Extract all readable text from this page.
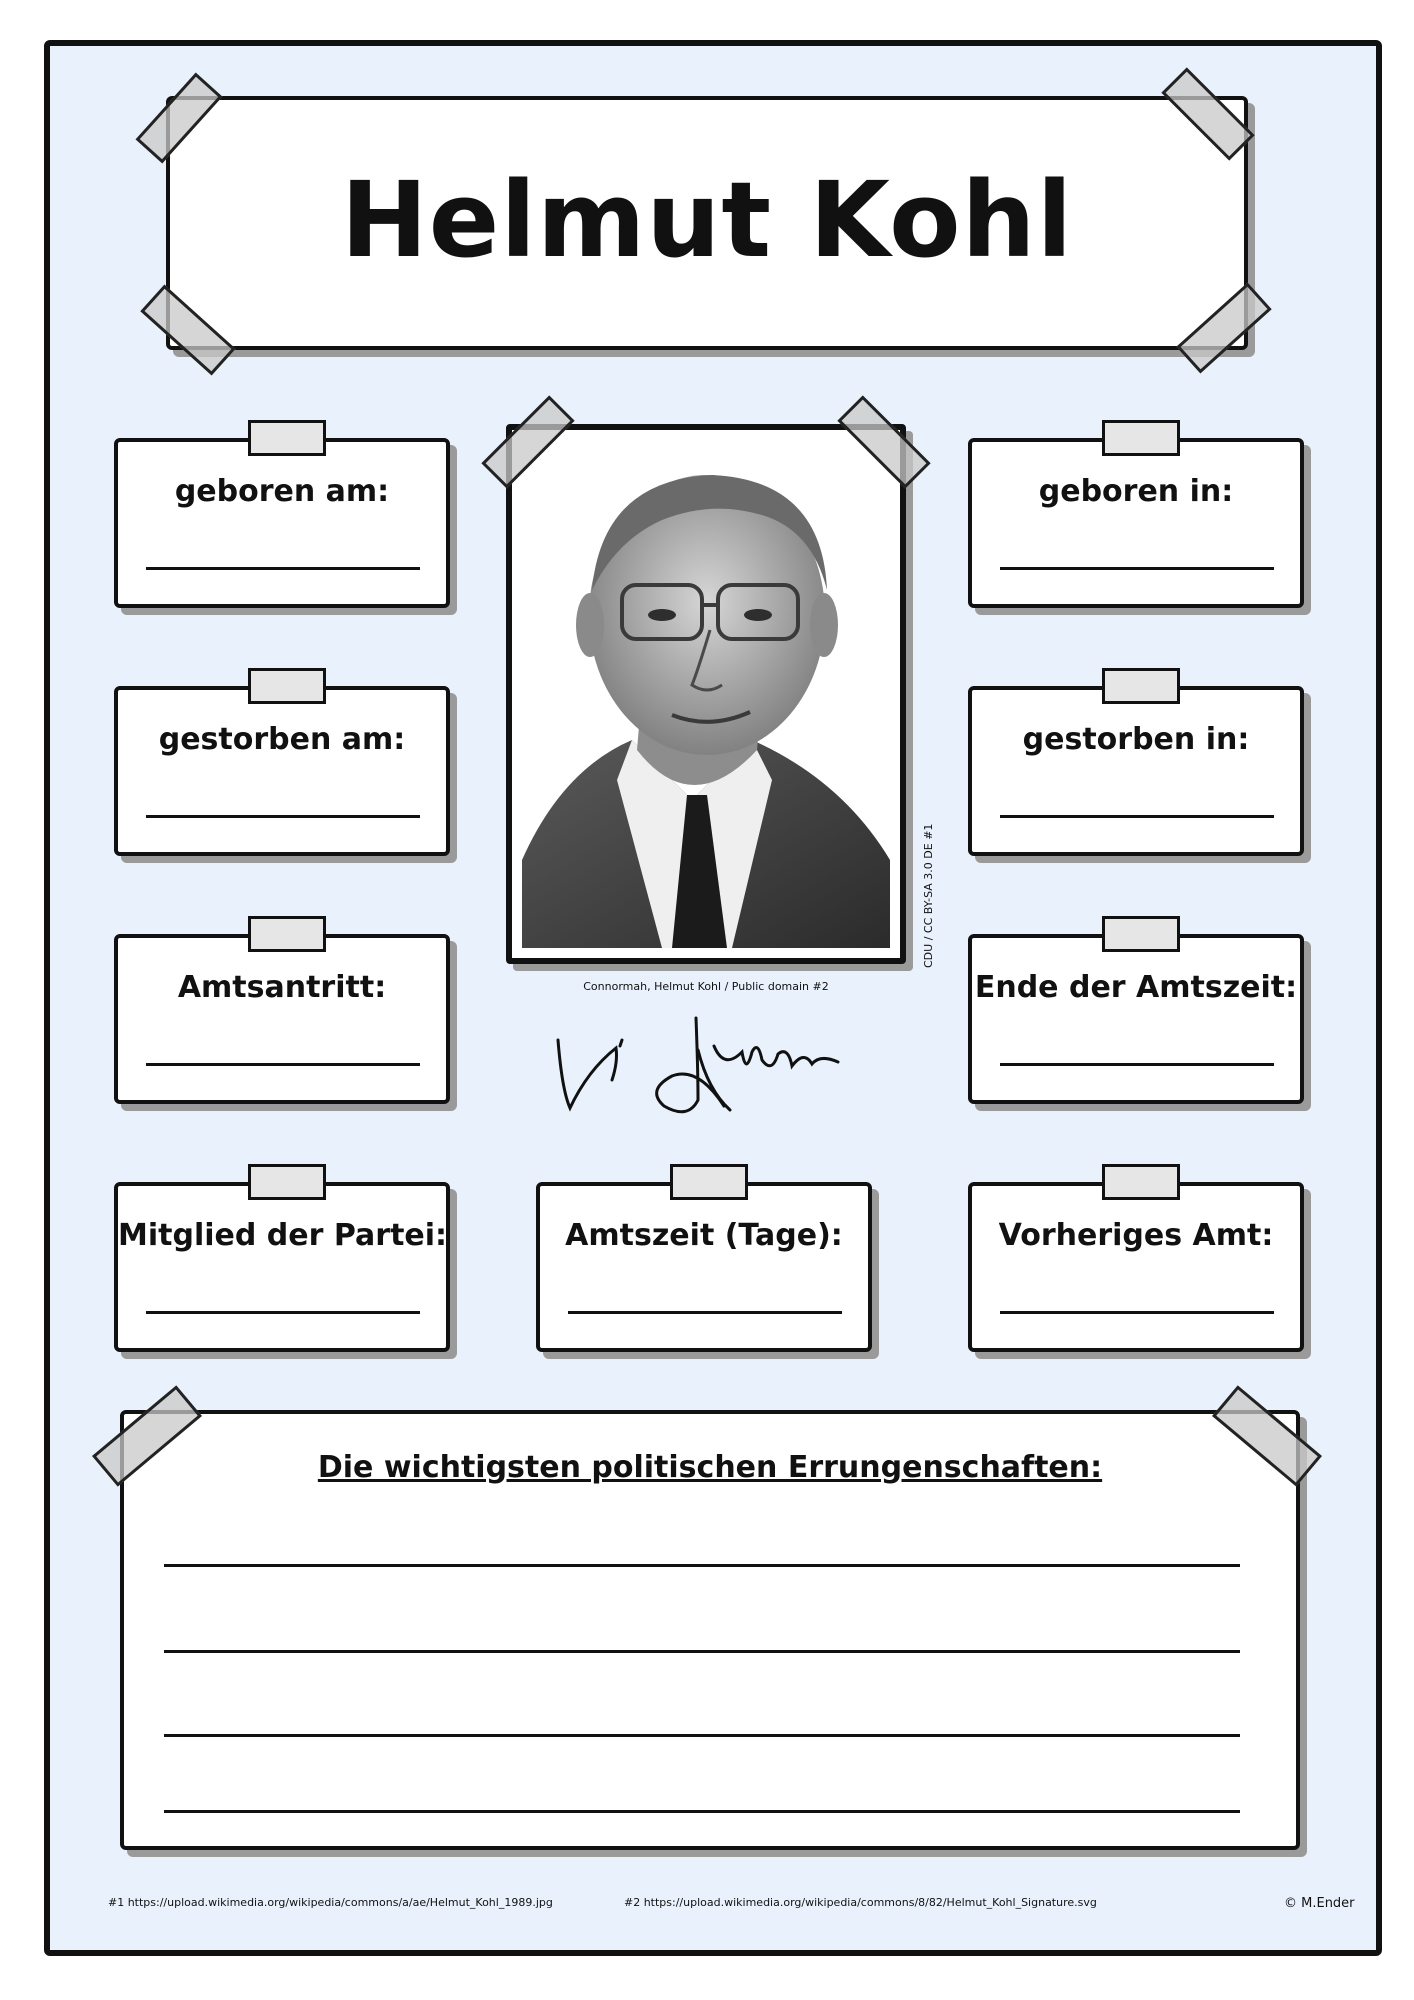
Helmut Kohl
geboren am:
gestorben am:
Amtsantritt:
Mitglied der Partei:
geboren in:
gestorben in:
Ende der Amtszeit:
Vorheriges Amt:
Amtszeit (Tage):
Connormah, Helmut Kohl / Public domain #2
CDU / CC BY-SA 3.0 DE #1
Die wichtigsten politischen Errungenschaften:
#1 https://upload.wikimedia.org/wikipedia/commons/a/ae/Helmut_Kohl_1989.jpg	#2 https://upload.wikimedia.org/wikipedia/commons/8/82/Helmut_Kohl_Signature.svg	© M.Ender
